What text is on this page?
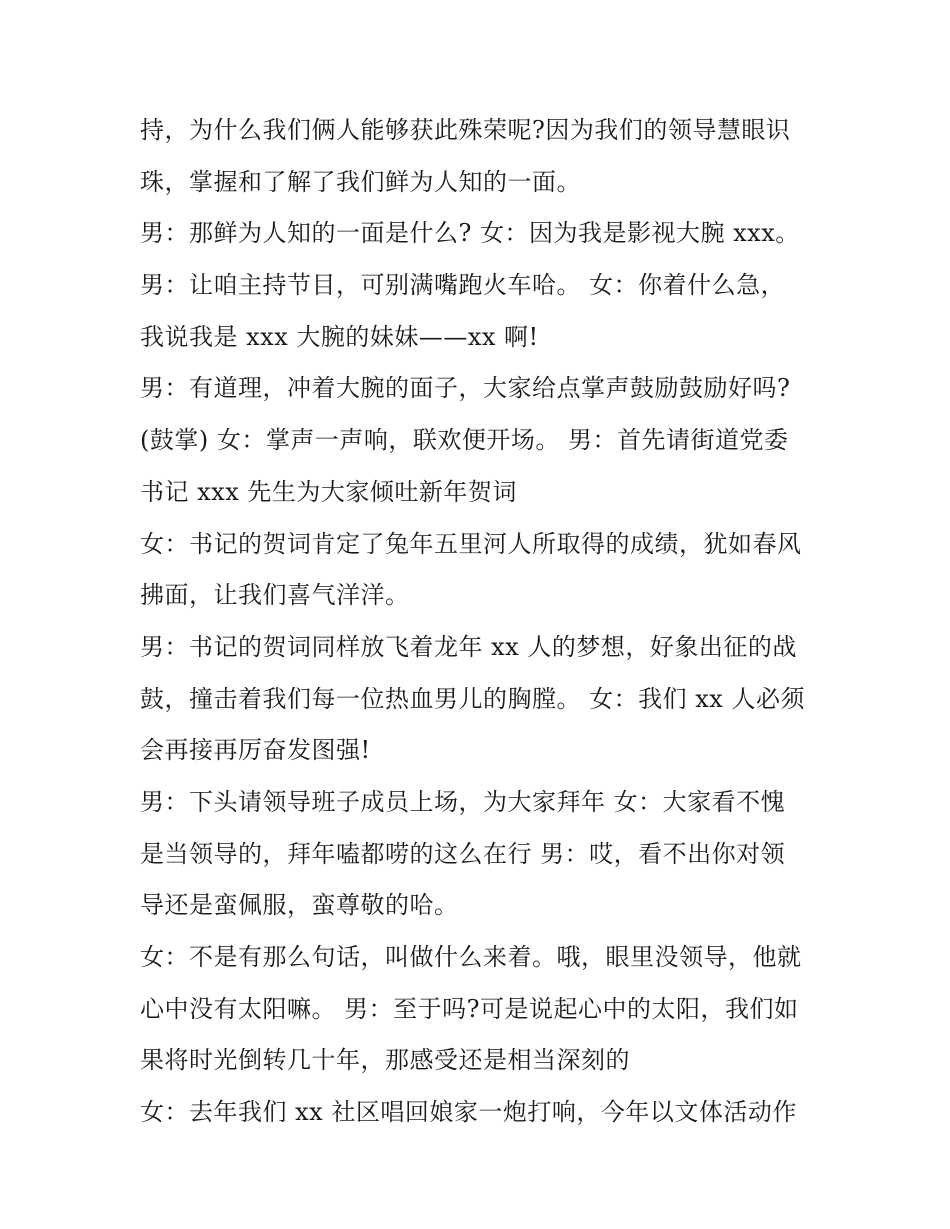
持，为什么我们俩人能够获此殊荣呢?因为我们的领导慧眼识
珠，掌握和了解了我们鲜为人知的一面。
男：那鲜为人知的一面是什么? 女：因为我是影视大腕 xxx。
男：让咱主持节目，可别满嘴跑火车哈。 女：你着什么急，
我说我是 xxx 大腕的妹妹——xx 啊!
男：有道理，冲着大腕的面子，大家给点掌声鼓励鼓励好吗?
(鼓掌) 女：掌声一声响，联欢便开场。 男：首先请街道党委
书记 xxx 先生为大家倾吐新年贺词
女：书记的贺词肯定了兔年五里河人所取得的成绩，犹如春风
拂面，让我们喜气洋洋。
男：书记的贺词同样放飞着龙年 xx 人的梦想，好象出征的战
鼓，撞击着我们每一位热血男儿的胸膛。 女：我们 xx 人必须
会再接再厉奋发图强!
男：下头请领导班子成员上场，为大家拜年 女：大家看不愧
是当领导的，拜年嗑都唠的这么在行 男：哎，看不出你对领
导还是蛮佩服，蛮尊敬的哈。
女：不是有那么句话，叫做什么来着。哦，眼里没领导，他就
心中没有太阳嘛。 男：至于吗?可是说起心中的太阳，我们如
果将时光倒转几十年，那感受还是相当深刻的
女：去年我们 xx 社区唱回娘家一炮打响，今年以文体活动作
